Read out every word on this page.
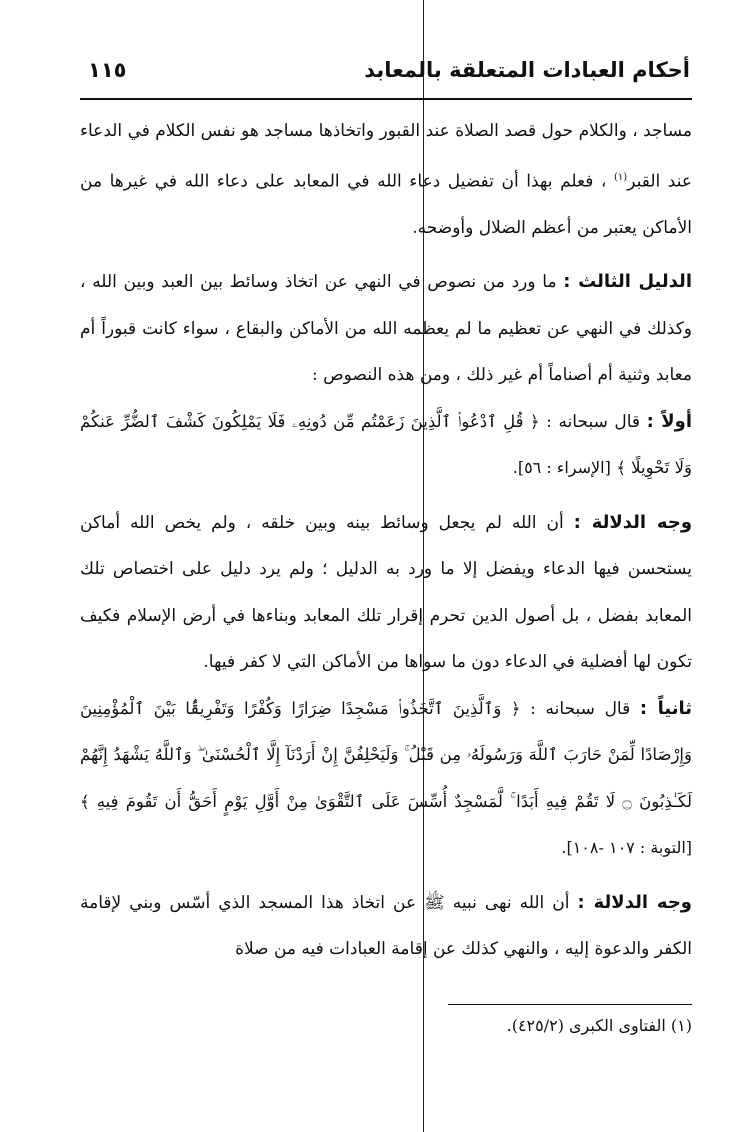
أحكام العبادات المتعلقة بالمعابد
١١٥

مساجد ، والكلام حول قصد الصلاة عند القبور واتخاذها مساجد هو نفس الكلام في الدعاء عند القبر$^{(١)}$ ، فعلم بهذا أن تفضيل دعاء الله في المعابد على دعاء الله في غيرها من الأماكن يعتبر من أعظم الضلال وأوضحه.

الدليل الثالث : ما ورد من نصوص في النهي عن اتخاذ وسائط بين العبد وبين الله ، وكذلك في النهي عن تعظيم ما لم يعظمه الله من الأماكن والبقاع ، سواء كانت قبوراً أم معابد وثنية أم أصناماً أم غير ذلك ، ومن هذه النصوص :

أولاً : قال سبحانه : ﴿ قُلِ ٱدْعُوا۟ ٱلَّذِينَ زَعَمْتُم مِّن دُونِهِۦ فَلَا يَمْلِكُونَ كَشْفَ ٱلضُّرِّ عَنكُمْ وَلَا تَحْوِيلًا ﴾ [الإسراء : ٥٦].

وجه الدلالة : أن الله لم يجعل وسائط بينه وبين خلقه ، ولم يخص الله أماكن يستحسن فيها الدعاء ويفضل إلا ما ورد به الدليل ؛ ولم يرد دليل على اختصاص تلك المعابد بفضل ، بل أصول الدين تحرم إقرار تلك المعابد وبناءها في أرض الإسلام فكيف تكون لها أفضلية في الدعاء دون ما سواها من الأماكن التي لا كفر فيها.

ثانياً : قال سبحانه : ﴿ وَٱلَّذِينَ ٱتَّخَذُوا۟ مَسْجِدًا ضِرَارًا وَكُفْرًا وَتَفْرِيقًۢا بَيْنَ ٱلْمُؤْمِنِينَ وَإِرْصَادًا لِّمَنْ حَارَبَ ٱللَّهَ وَرَسُولَهُۥ مِن قَبْلُ ۚ وَلَيَحْلِفُنَّ إِنْ أَرَدْنَآ إِلَّا ٱلْحُسْنَىٰ ۖ وَٱللَّهُ يَشْهَدُ إِنَّهُمْ لَكَـٰذِبُونَ ۝ لَا تَقُمْ فِيهِ أَبَدًا ۚ لَّمَسْجِدٌ أُسِّسَ عَلَى ٱلتَّقْوَىٰ مِنْ أَوَّلِ يَوْمٍ أَحَقُّ أَن تَقُومَ فِيهِ ﴾ [التوبة : ١٠٧ -١٠٨].

وجه الدلالة : أن الله نهى نبيه ﷺ عن اتخاذ هذا المسجد الذي أسّس وبني لإقامة الكفر والدعوة إليه ، والنهي كذلك عن إقامة العبادات فيه من صلاة

(١) الفتاوى الكبرى (٤٢٥/٢).
